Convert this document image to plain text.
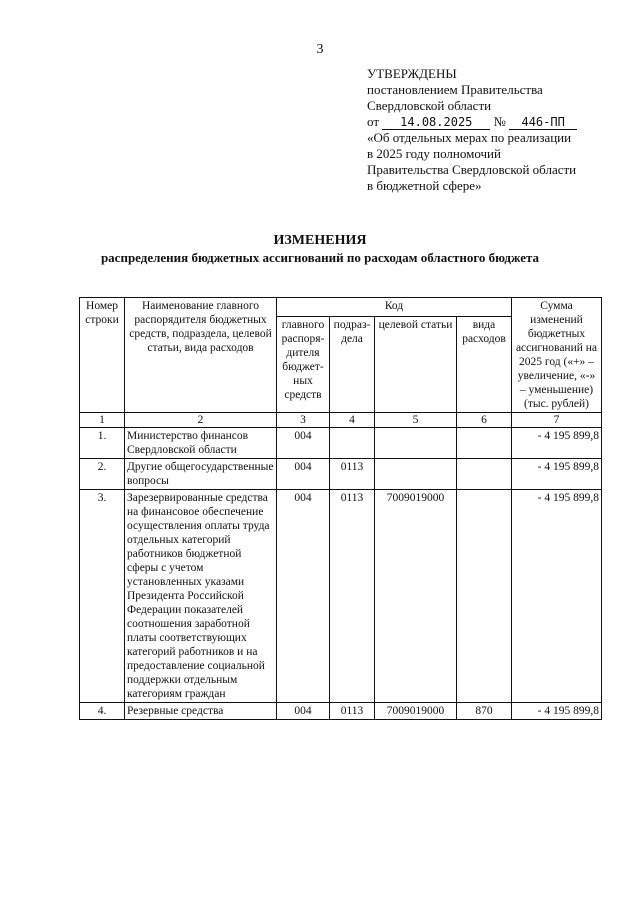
3
УТВЕРЖДЕНЫ
постановлением Правительства
Свердловской области
от 14.08.2025 № 446-ПП
«Об отдельных мерах по реализации
в 2025 году полномочий
Правительства Свердловской области
в бюджетной сфере»
ИЗМЕНЕНИЯ
распределения бюджетных ассигнований по расходам областного бюджета
Номер строки	Наименование главного распорядителя бюджетных средств, подраздела, целевой статьи, вида расходов	Код				Сумма изменений бюджетных ассигнований на 2025 год («+» – увеличение, «-» – уменьшение) (тыс. рублей)
		главного распоря-дителя бюджет-ных средств	подраз-дела	целевой статьи	вида расходов	
1	2	3	4	5	6	7
1.	Министерство финансов Свердловской области	004				- 4 195 899,8
2.	Другие общегосударственные вопросы	004	0113			- 4 195 899,8
3.	Зарезервированные средства на финансовое обеспечение осуществления оплаты труда отдельных категорий работников бюджетной сферы с учетом установленных указами Президента Российской Федерации показателей соотношения заработной платы соответствующих категорий работников и на предоставление социальной поддержки отдельным категориям граждан	004	0113	7009019000		- 4 195 899,8
4.	Резервные средства	004	0113	7009019000	870	- 4 195 899,8
